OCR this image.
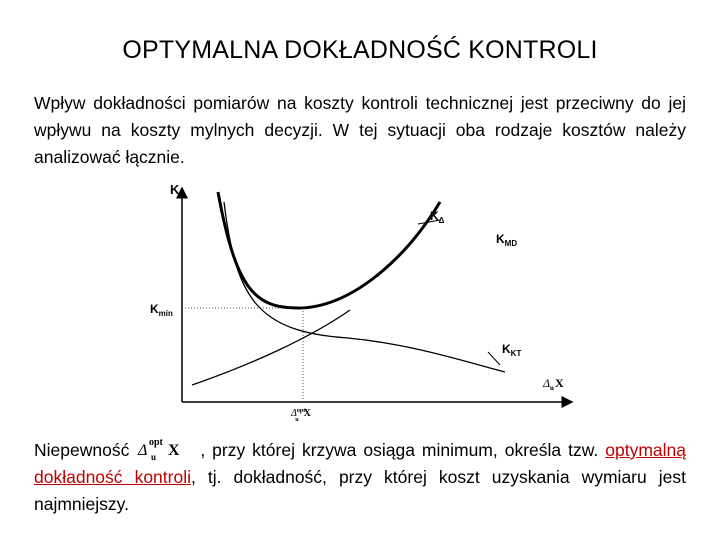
OPTYMALNA DOKŁADNOŚĆ KONTROLI
Wpływ dokładności pomiarów na koszty kontroli technicznej jest przeciwny do jej wpływu na koszty mylnych decyzji. W tej sytuacji oba rodzaje kosztów należy analizować łącznie.
Niepewność Δ opt
u X , przy której krzywa osiąga minimum, określa tzw. optymalną dokładność kontroli, tj. dokładność, przy której koszt uzyskania wymiaru jest najmniejszy.
K
$K_{min}$
$K_\Delta$
$K_{MD}$
$K_{KT}$
$\Delta_uX$
$\Delta^{opt}$ uX
